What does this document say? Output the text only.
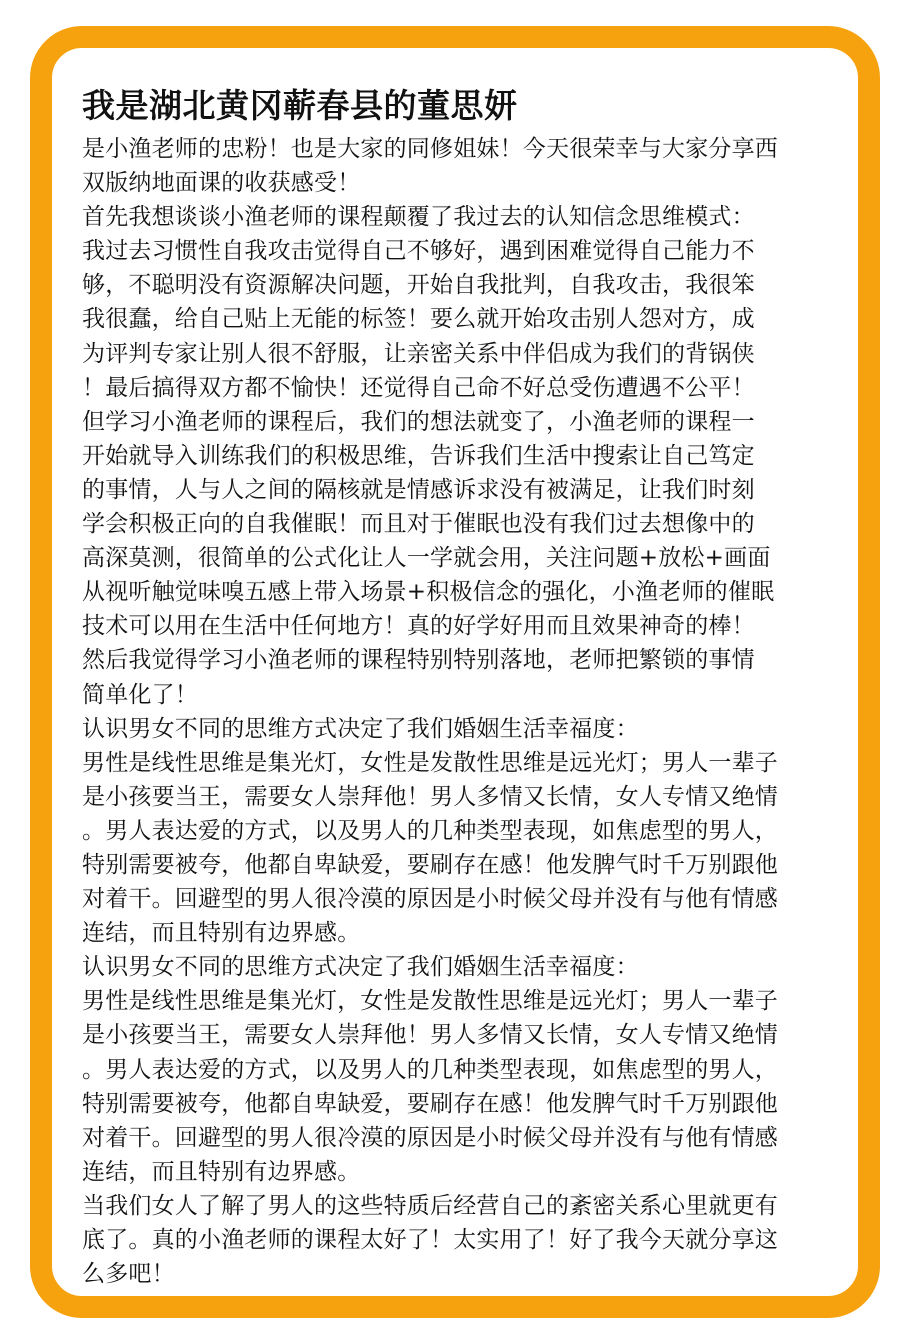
我是湖北黄冈蕲春县的董思妍
是小渔老师的忠粉！也是大家的同修姐妹！今天很荣幸与大家分享西
双版纳地面课的收获感受！
首先我想谈谈小渔老师的课程颠覆了我过去的认知信念思维模式：
我过去习惯性自我攻击觉得自己不够好，遇到困难觉得自己能力不
够，不聪明没有资源解决问题，开始自我批判，自我攻击，我很笨
我很蠢，给自己贴上无能的标签！要么就开始攻击别人怨对方，成
为评判专家让别人很不舒服，让亲密关系中伴侣成为我们的背锅侠
！最后搞得双方都不愉快！还觉得自己命不好总受伤遭遇不公平！
但学习小渔老师的课程后，我们的想法就变了，小渔老师的课程一
开始就导入训练我们的积极思维，告诉我们生活中搜索让自己笃定
的事情，人与人之间的隔核就是情感诉求没有被满足，让我们时刻
学会积极正向的自我催眠！而且对于催眠也没有我们过去想像中的
高深莫测，很简单的公式化让人一学就会用，关注问题+放松+画面
从视听触觉味嗅五感上带入场景+积极信念的强化，小渔老师的催眠
技术可以用在生活中任何地方！真的好学好用而且效果神奇的棒！
然后我觉得学习小渔老师的课程特别特别落地，老师把繁锁的事情
简单化了！
认识男女不同的思维方式决定了我们婚姻生活幸福度：
男性是线性思维是集光灯，女性是发散性思维是远光灯；男人一辈子
是小孩要当王，需要女人崇拜他！男人多情又长情，女人专情又绝情
。男人表达爱的方式，以及男人的几种类型表现，如焦虑型的男人，
特别需要被夸，他都自卑缺爱，要刷存在感！他发脾气时千万别跟他
对着干。回避型的男人很冷漠的原因是小时候父母并没有与他有情感
连结，而且特别有边界感。
认识男女不同的思维方式决定了我们婚姻生活幸福度：
男性是线性思维是集光灯，女性是发散性思维是远光灯；男人一辈子
是小孩要当王，需要女人崇拜他！男人多情又长情，女人专情又绝情
。男人表达爱的方式，以及男人的几种类型表现，如焦虑型的男人，
特别需要被夸，他都自卑缺爱，要刷存在感！他发脾气时千万别跟他
对着干。回避型的男人很冷漠的原因是小时候父母并没有与他有情感
连结，而且特别有边界感。
当我们女人了解了男人的这些特质后经营自己的紊密关系心里就更有
底了。真的小渔老师的课程太好了！太实用了！好了我今天就分享这
么多吧！
